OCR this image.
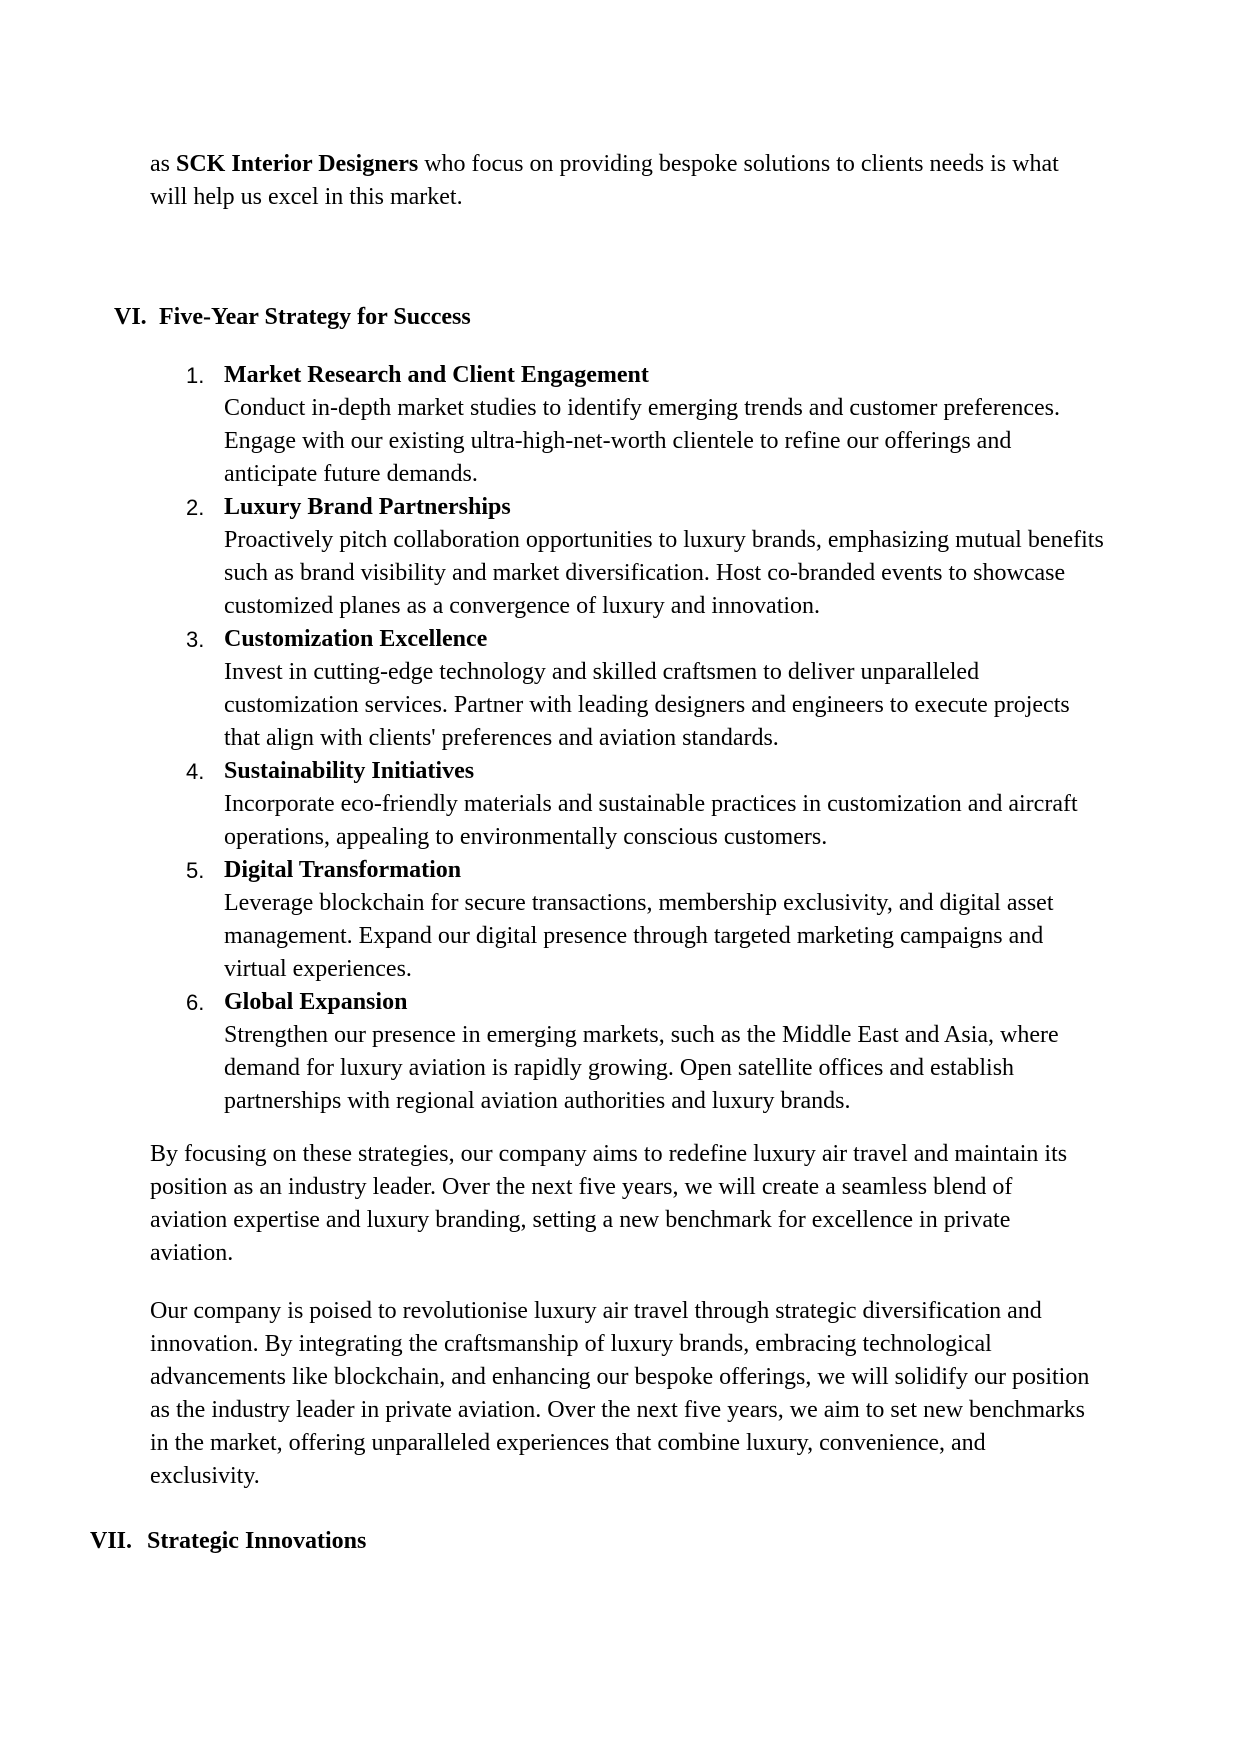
as SCK Interior Designers who focus on providing bespoke solutions to clients needs is what will help us excel in this market.

VI. Five-Year Strategy for Success
1. Market Research and Client Engagement
Conduct in-depth market studies to identify emerging trends and customer preferences. Engage with our existing ultra-high-net-worth clientele to refine our offerings and anticipate future demands.
2. Luxury Brand Partnerships
Proactively pitch collaboration opportunities to luxury brands, emphasizing mutual benefits such as brand visibility and market diversification. Host co-branded events to showcase customized planes as a convergence of luxury and innovation.
3. Customization Excellence
Invest in cutting-edge technology and skilled craftsmen to deliver unparalleled customization services. Partner with leading designers and engineers to execute projects that align with clients' preferences and aviation standards.
4. Sustainability Initiatives
Incorporate eco-friendly materials and sustainable practices in customization and aircraft operations, appealing to environmentally conscious customers.
5. Digital Transformation
Leverage blockchain for secure transactions, membership exclusivity, and digital asset management. Expand our digital presence through targeted marketing campaigns and virtual experiences.
6. Global Expansion
Strengthen our presence in emerging markets, such as the Middle East and Asia, where demand for luxury aviation is rapidly growing. Open satellite offices and establish partnerships with regional aviation authorities and luxury brands.

By focusing on these strategies, our company aims to redefine luxury air travel and maintain its position as an industry leader. Over the next five years, we will create a seamless blend of aviation expertise and luxury branding, setting a new benchmark for excellence in private aviation.

Our company is poised to revolutionise luxury air travel through strategic diversification and innovation. By integrating the craftsmanship of luxury brands, embracing technological advancements like blockchain, and enhancing our bespoke offerings, we will solidify our position as the industry leader in private aviation. Over the next five years, we aim to set new benchmarks in the market, offering unparalleled experiences that combine luxury, convenience, and exclusivity.

VII. Strategic Innovations
